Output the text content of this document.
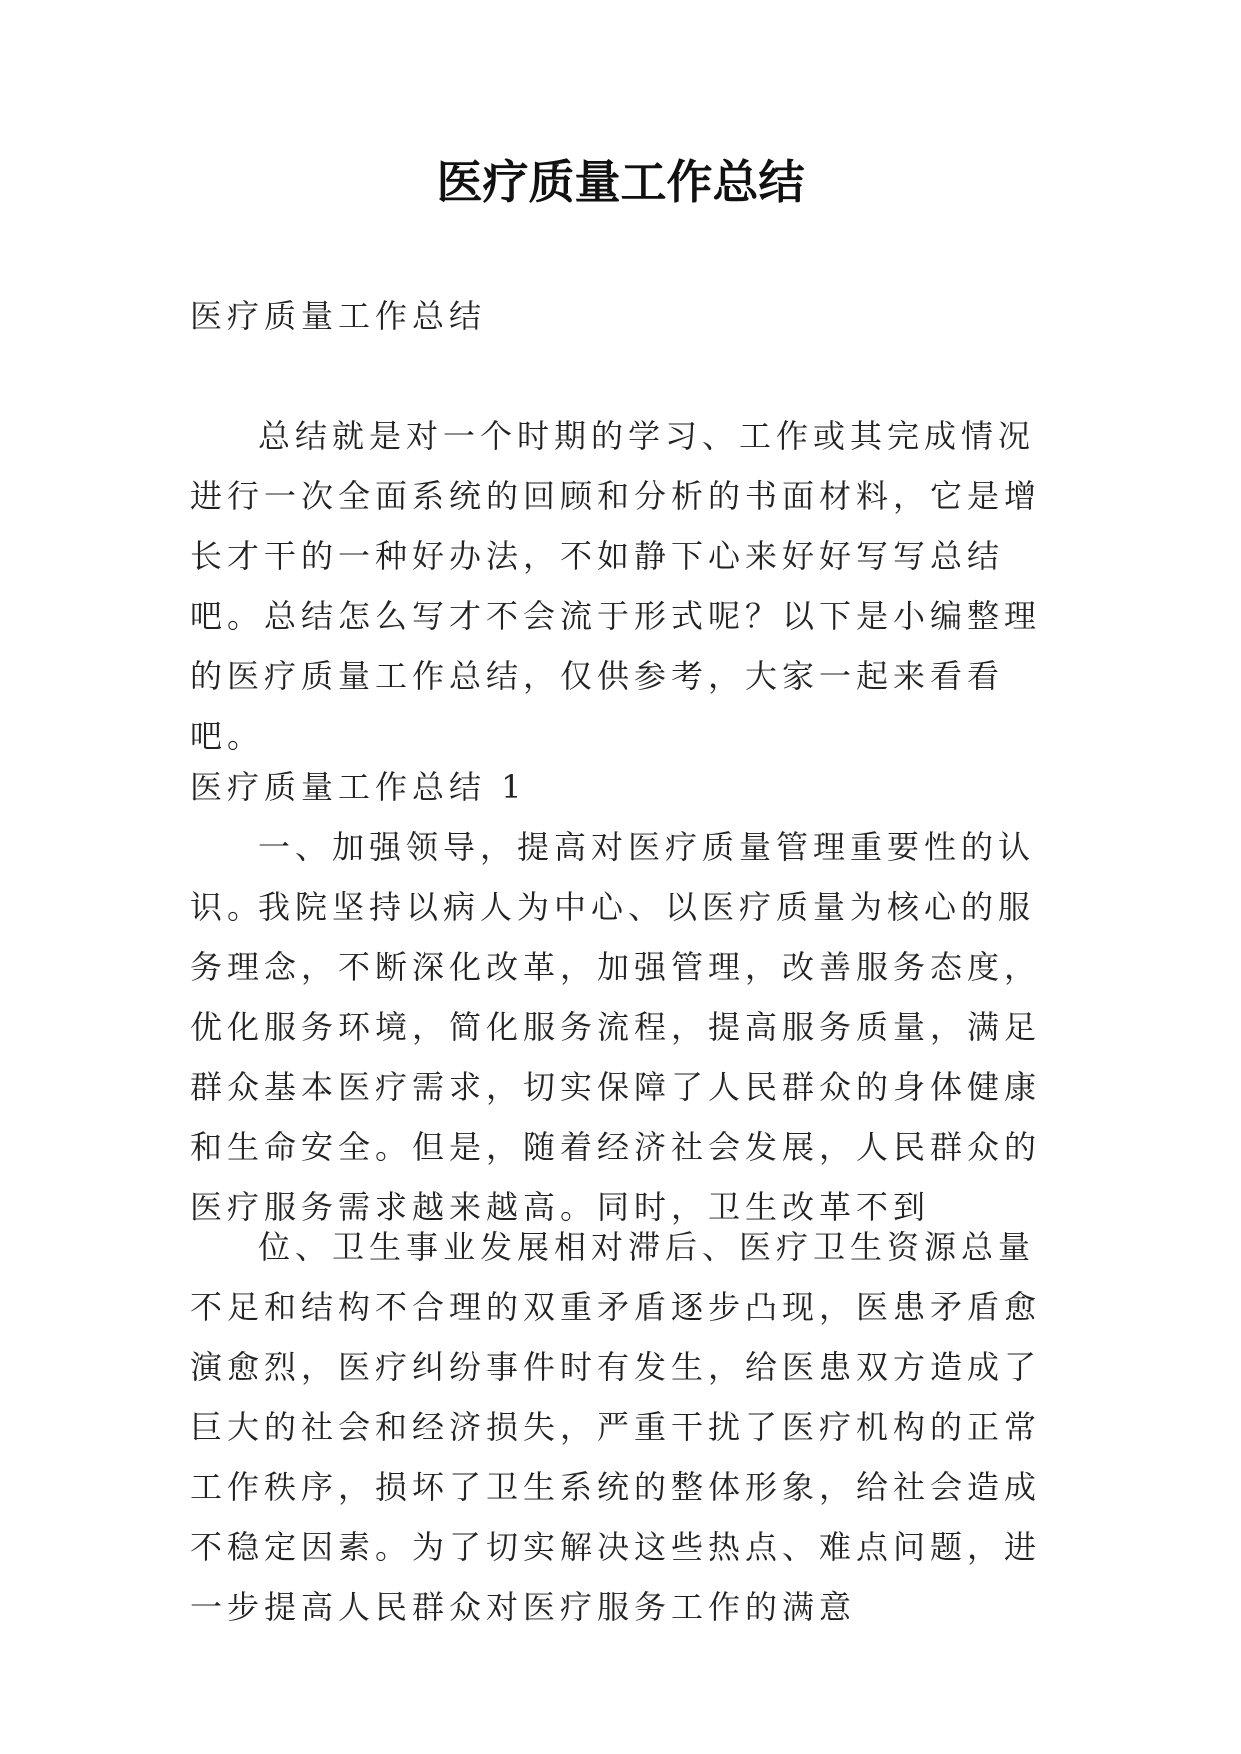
医疗质量工作总结

医疗质量工作总结

总结就是对一个时期的学习、工作或其完成情况进行一次全面系统的回顾和分析的书面材料，它是增长才干的一种好办法，不如静下心来好好写写总结吧。总结怎么写才不会流于形式呢？以下是小编整理的医疗质量工作总结，仅供参考，大家一起来看看吧。

医疗质量工作总结 1

一、加强领导，提高对医疗质量管理重要性的认识。

我院坚持以病人为中心、以医疗质量为核心的服务理念，不断深化改革，加强管理，改善服务态度，优化服务环境，简化服务流程，提高服务质量，满足群众基本医疗需求，切实保障了人民群众的身体健康和生命安全。但是，随着经济社会发展，人民群众的医疗服务需求越来越高。同时，卫生改革不到

位、卫生事业发展相对滞后、医疗卫生资源总量不足和结构不合理的双重矛盾逐步凸现，医患矛盾愈演愈烈，医疗纠纷事件时有发生，给医患双方造成了巨大的社会和经济损失，严重干扰了医疗机构的正常工作秩序，损坏了卫生系统的整体形象，给社会造成不稳定因素。为了切实解决这些热点、难点问题，进一步提高人民群众对医疗服务工作的满意
